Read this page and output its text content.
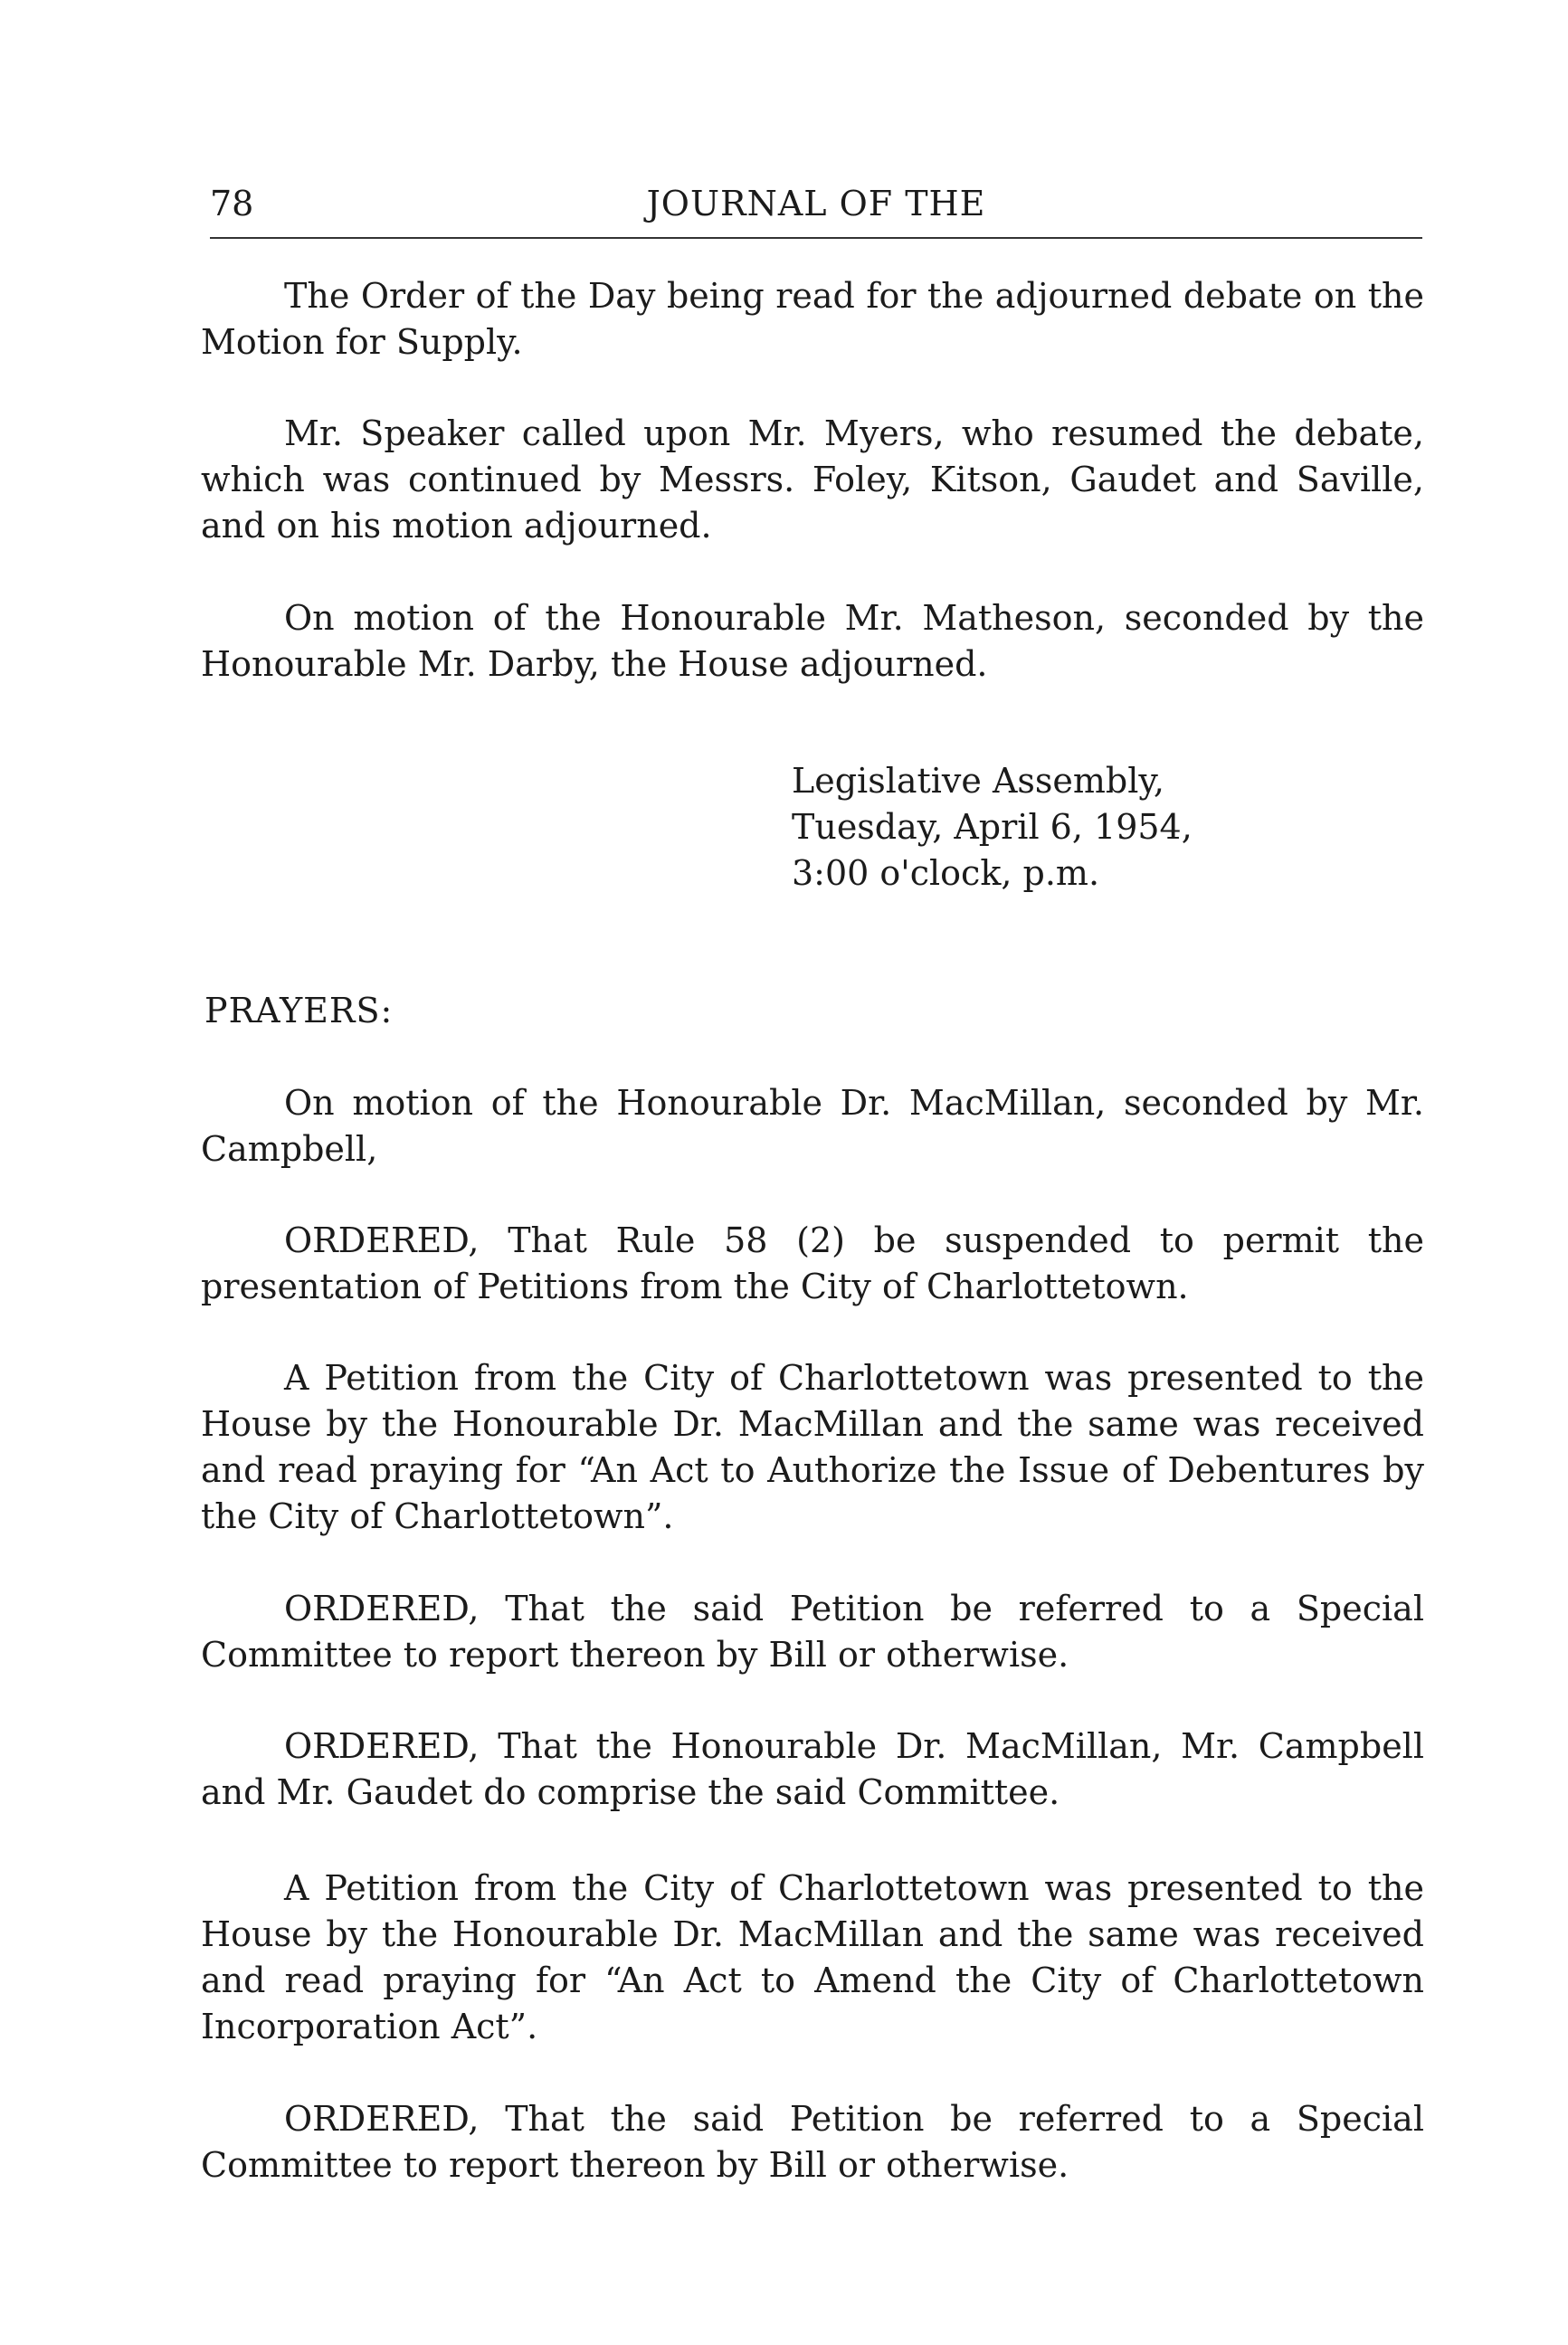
78	JOURNAL OF THE

The Order of the Day being read for the adjourned debate on the Motion for Supply.

Mr. Speaker called upon Mr. Myers, who resumed the debate, which was continued by Messrs. Foley, Kitson, Gaudet and Saville, and on his motion adjourned.

On motion of the Honourable Mr. Matheson, seconded by the Honourable Mr. Darby, the House adjourned.

Legislative Assembly,
Tuesday, April 6, 1954,
3:00 o'clock, p.m.
PRAYERS:

On motion of the Honourable Dr. MacMillan, seconded by Mr. Campbell,

ORDERED, That Rule 58 (2) be suspended to permit the presentation of Petitions from the City of Charlottetown.

A Petition from the City of Charlottetown was presented to the House by the Honourable Dr. MacMillan and the same was received and read praying for “An Act to Authorize the Issue of Debentures by the City of Charlottetown”.

ORDERED, That the said Petition be referred to a Special Committee to report thereon by Bill or otherwise.

ORDERED, That the Honourable Dr. MacMillan, Mr. Campbell and Mr. Gaudet do comprise the said Committee.

A Petition from the City of Charlottetown was presented to the House by the Honourable Dr. MacMillan and the same was received and read praying for “An Act to Amend the City of Charlottetown Incorporation Act”.

ORDERED, That the said Petition be referred to a Special Committee to report thereon by Bill or otherwise.
